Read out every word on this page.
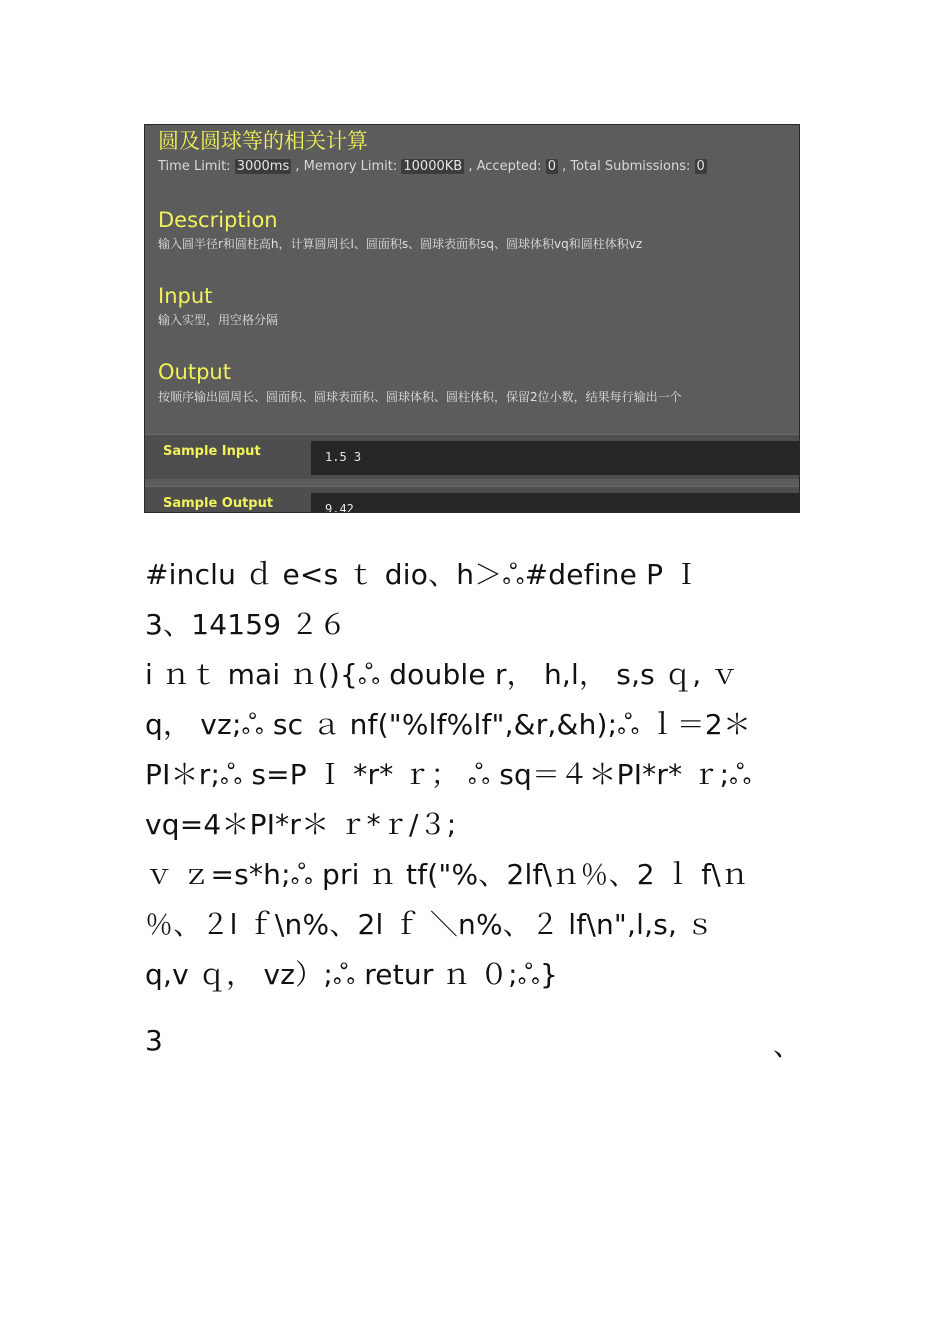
圆及圆球等的相关计算
Time Limit: 3000ms , Memory Limit: 10000KB , Accepted: 0 , Total Submissions: 0
Description
输入圆半径r和圆柱高h，计算圆周长l、圆面积s、圆球表面积sq、圆球体积vq和圆柱体积vz
Input
输入实型，用空格分隔
Output
按顺序输出圆周长、圆面积、圆球表面积、圆球体积、圆柱体积，保留2位小数，结果每行输出一个
Sample Input	1.5 3
Sample Output	9.42
#inclu ｄ e<s ｔ dio、h＞ஃ#define P Ｉ
3、14159 ２６
i ｎｔ mai ｎ(){ஃ double r， h,l， s,s ｑ, ｖ
q， vz;ஃ sc ａ nf("%lf%lf",&r,&h);ஃ ｌ＝2＊
PI＊r;ஃ s=P Ｉ *r* ｒ； ஃ sq＝４＊PI*r* ｒ;ஃ
vq=4＊PI*r＊ ｒ*ｒ/３;
ｖ ｚ=s*h;ஃ pri ｎ tf("%、2lf\ｎ％、2 ｌ f\ｎ
％、２l ｆ\n%、2l ｆ ＼n%、２ lf\n",l,s, ｓ
q,v ｑ， vz）;ஃ retur ｎ ０;ஃ}
3	、
